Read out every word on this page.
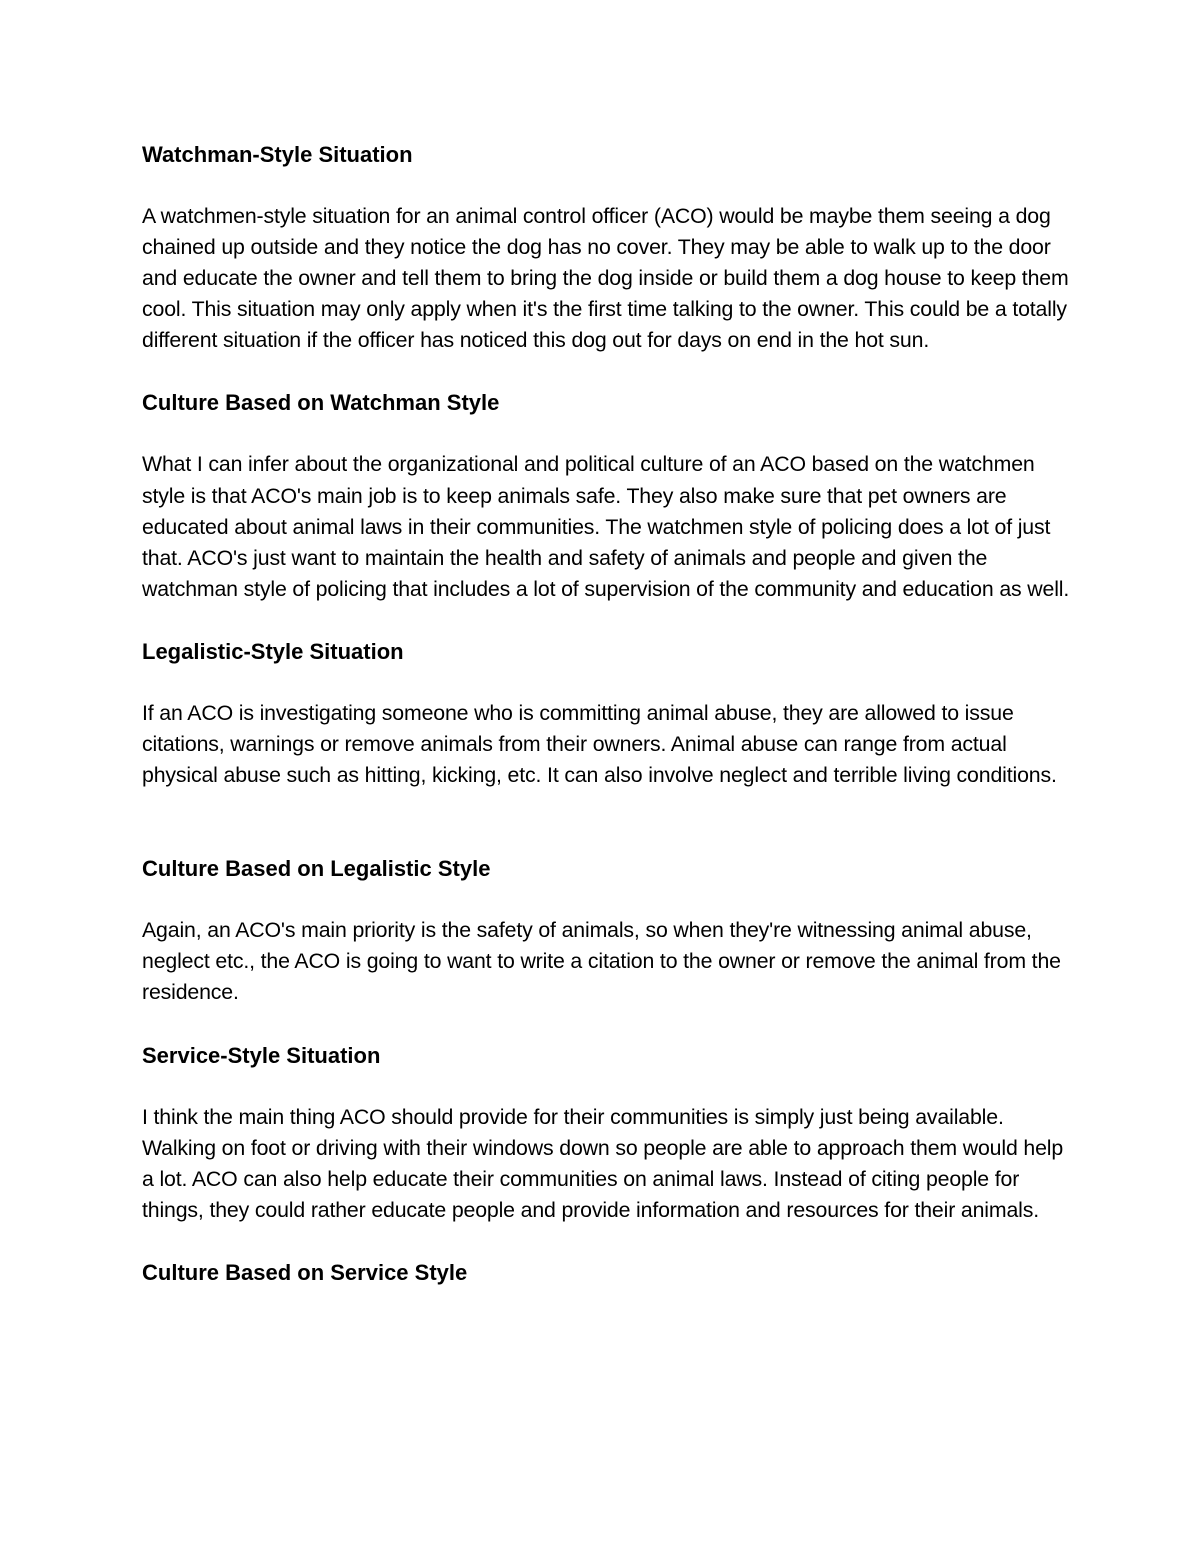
Watchman-Style Situation

A watchmen-style situation for an animal control officer (ACO) would be maybe them seeing a dog chained up outside and they notice the dog has no cover. They may be able to walk up to the door and educate the owner and tell them to bring the dog inside or build them a dog house to keep them cool. This situation may only apply when it's the first time talking to the owner. This could be a totally different situation if the officer has noticed this dog out for days on end in the hot sun.

Culture Based on Watchman Style

What I can infer about the organizational and political culture of an ACO based on the watchmen style is that ACO's main job is to keep animals safe. They also make sure that pet owners are educated about animal laws in their communities. The watchmen style of policing does a lot of just that. ACO's just want to maintain the health and safety of animals and people and given the watchman style of policing that includes a lot of supervision of the community and education as well.

Legalistic-Style Situation

If an ACO is investigating someone who is committing animal abuse, they are allowed to issue citations, warnings or remove animals from their owners. Animal abuse can range from actual physical abuse such as hitting, kicking, etc. It can also involve neglect and terrible living conditions.

Culture Based on Legalistic Style

Again, an ACO's main priority is the safety of animals, so when they're witnessing animal abuse, neglect etc., the ACO is going to want to write a citation to the owner or remove the animal from the residence.

Service-Style Situation

I think the main thing ACO should provide for their communities is simply just being available. Walking on foot or driving with their windows down so people are able to approach them would help a lot. ACO can also help educate their communities on animal laws. Instead of citing people for things, they could rather educate people and provide information and resources for their animals.

Culture Based on Service Style
